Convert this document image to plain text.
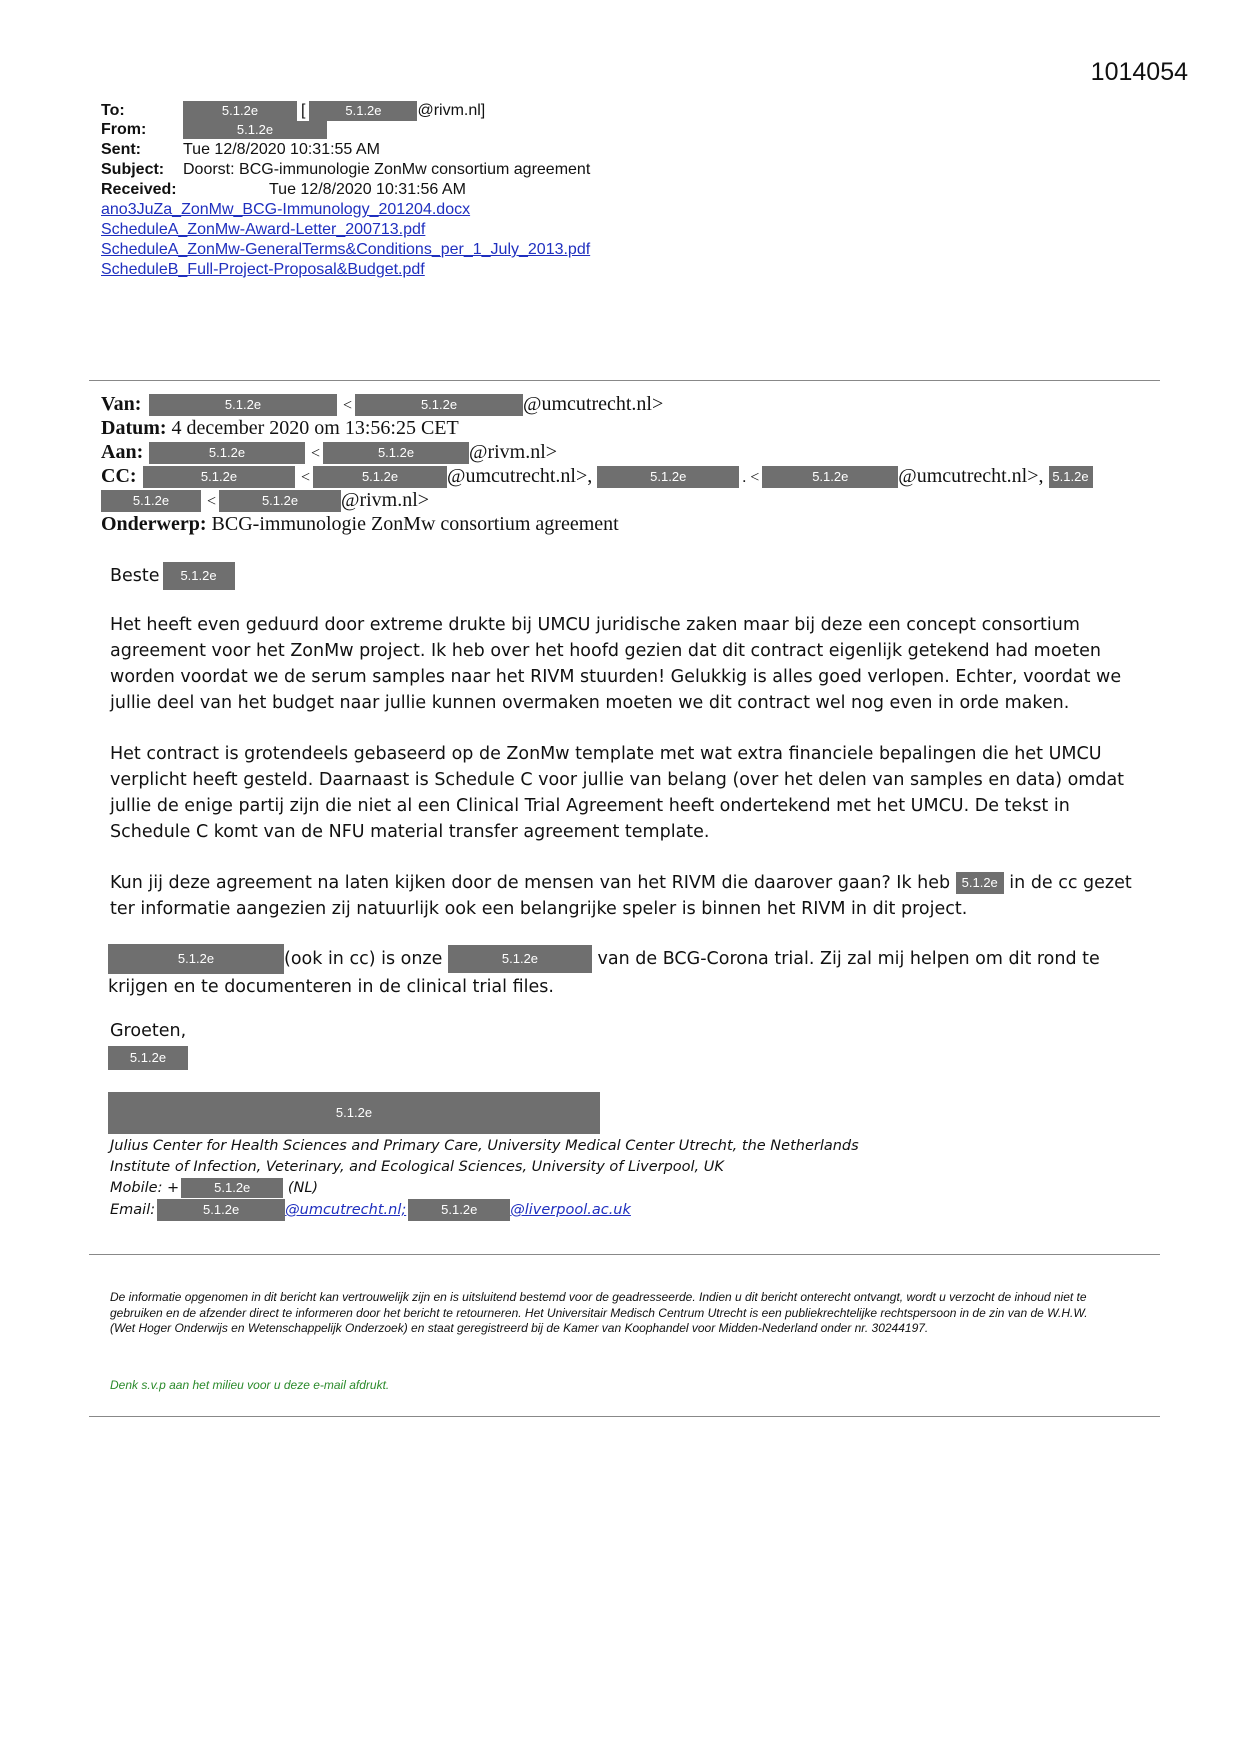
1014054
To:	5.1.2e	[	5.1.2e @rivm.nl]
From:	5.1.2e
Sent:	Tue 12/8/2020 10:31:55 AM
Subject: Doorst: BCG-immunologie ZonMw consortium agreement
Received:	Tue 12/8/2020 10:31:56 AM
ano3JuZa_ZonMw_BCG-Immunology_201204.docx
ScheduleA_ZonMw-Award-Letter_200713.pdf
ScheduleA_ZonMw-GeneralTerms&Conditions_per_1_July_2013.pdf
ScheduleB_Full-Project-Proposal&Budget.pdf
Van:	5.1.2e	<	5.1.2e	@umcutrecht.nl>
Datum: 4 december 2020 om 13:56:25 CET
Aan:	5.1.2e	<	5.1.2e	@rivm.nl>
CC:	5.1.2e	<	5.1.2e @umcutrecht.nl>,	5.1.2e	. <	5.1.2e @umcutrecht.nl>, 5.1.2e
5.1.2e <	5.1.2e @rivm.nl>
Onderwerp: BCG-immunologie ZonMw consortium agreement
Beste 5.1.2e
Het heeft even geduurd door extreme drukte bij UMCU juridische zaken maar bij deze een concept consortium agreement voor het ZonMw project. Ik heb over het hoofd gezien dat dit contract eigenlijk getekend had moeten worden voordat we de serum samples naar het RIVM stuurden! Gelukkig is alles goed verlopen. Echter, voordat we jullie deel van het budget naar jullie kunnen overmaken moeten we dit contract wel nog even in orde maken.
Het contract is grotendeels gebaseerd op de ZonMw template met wat extra financiele bepalingen die het UMCU verplicht heeft gesteld. Daarnaast is Schedule C voor jullie van belang (over het delen van samples en data) omdat jullie de enige partij zijn die niet al een Clinical Trial Agreement heeft ondertekend met het UMCU. De tekst in Schedule C komt van de NFU material transfer agreement template.
Kun jij deze agreement na laten kijken door de mensen van het RIVM die daarover gaan? Ik heb 5.1.2e in de cc gezet ter informatie aangezien zij natuurlijk ook een belangrijke speler is binnen het RIVM in dit project.
5.1.2e	(ook in cc) is onze	5.1.2e	van de BCG-Corona trial. Zij zal mij helpen om dit rond te krijgen en te documenteren in de clinical trial files.
Groeten,
5.1.2e
5.1.2e
Julius Center for Health Sciences and Primary Care, University Medical Center Utrecht, the Netherlands
Institute of Infection, Veterinary, and Ecological Sciences, University of Liverpool, UK
Mobile: +	5.1.2e	(NL)
Email:	5.1.2e	@umcutrecht.nl;	5.1.2e @liverpool.ac.uk
De informatie opgenomen in dit bericht kan vertrouwelijk zijn en is uitsluitend bestemd voor de geadresseerde. Indien u dit bericht onterecht ontvangt, wordt u verzocht de inhoud niet te gebruiken en de afzender direct te informeren door het bericht te retourneren. Het Universitair Medisch Centrum Utrecht is een publiekrechtelijke rechtspersoon in de zin van de W.H.W. (Wet Hoger Onderwijs en Wetenschappelijk Onderzoek) en staat geregistreerd bij de Kamer van Koophandel voor Midden-Nederland onder nr. 30244197.
Denk s.v.p aan het milieu voor u deze e-mail afdrukt.
